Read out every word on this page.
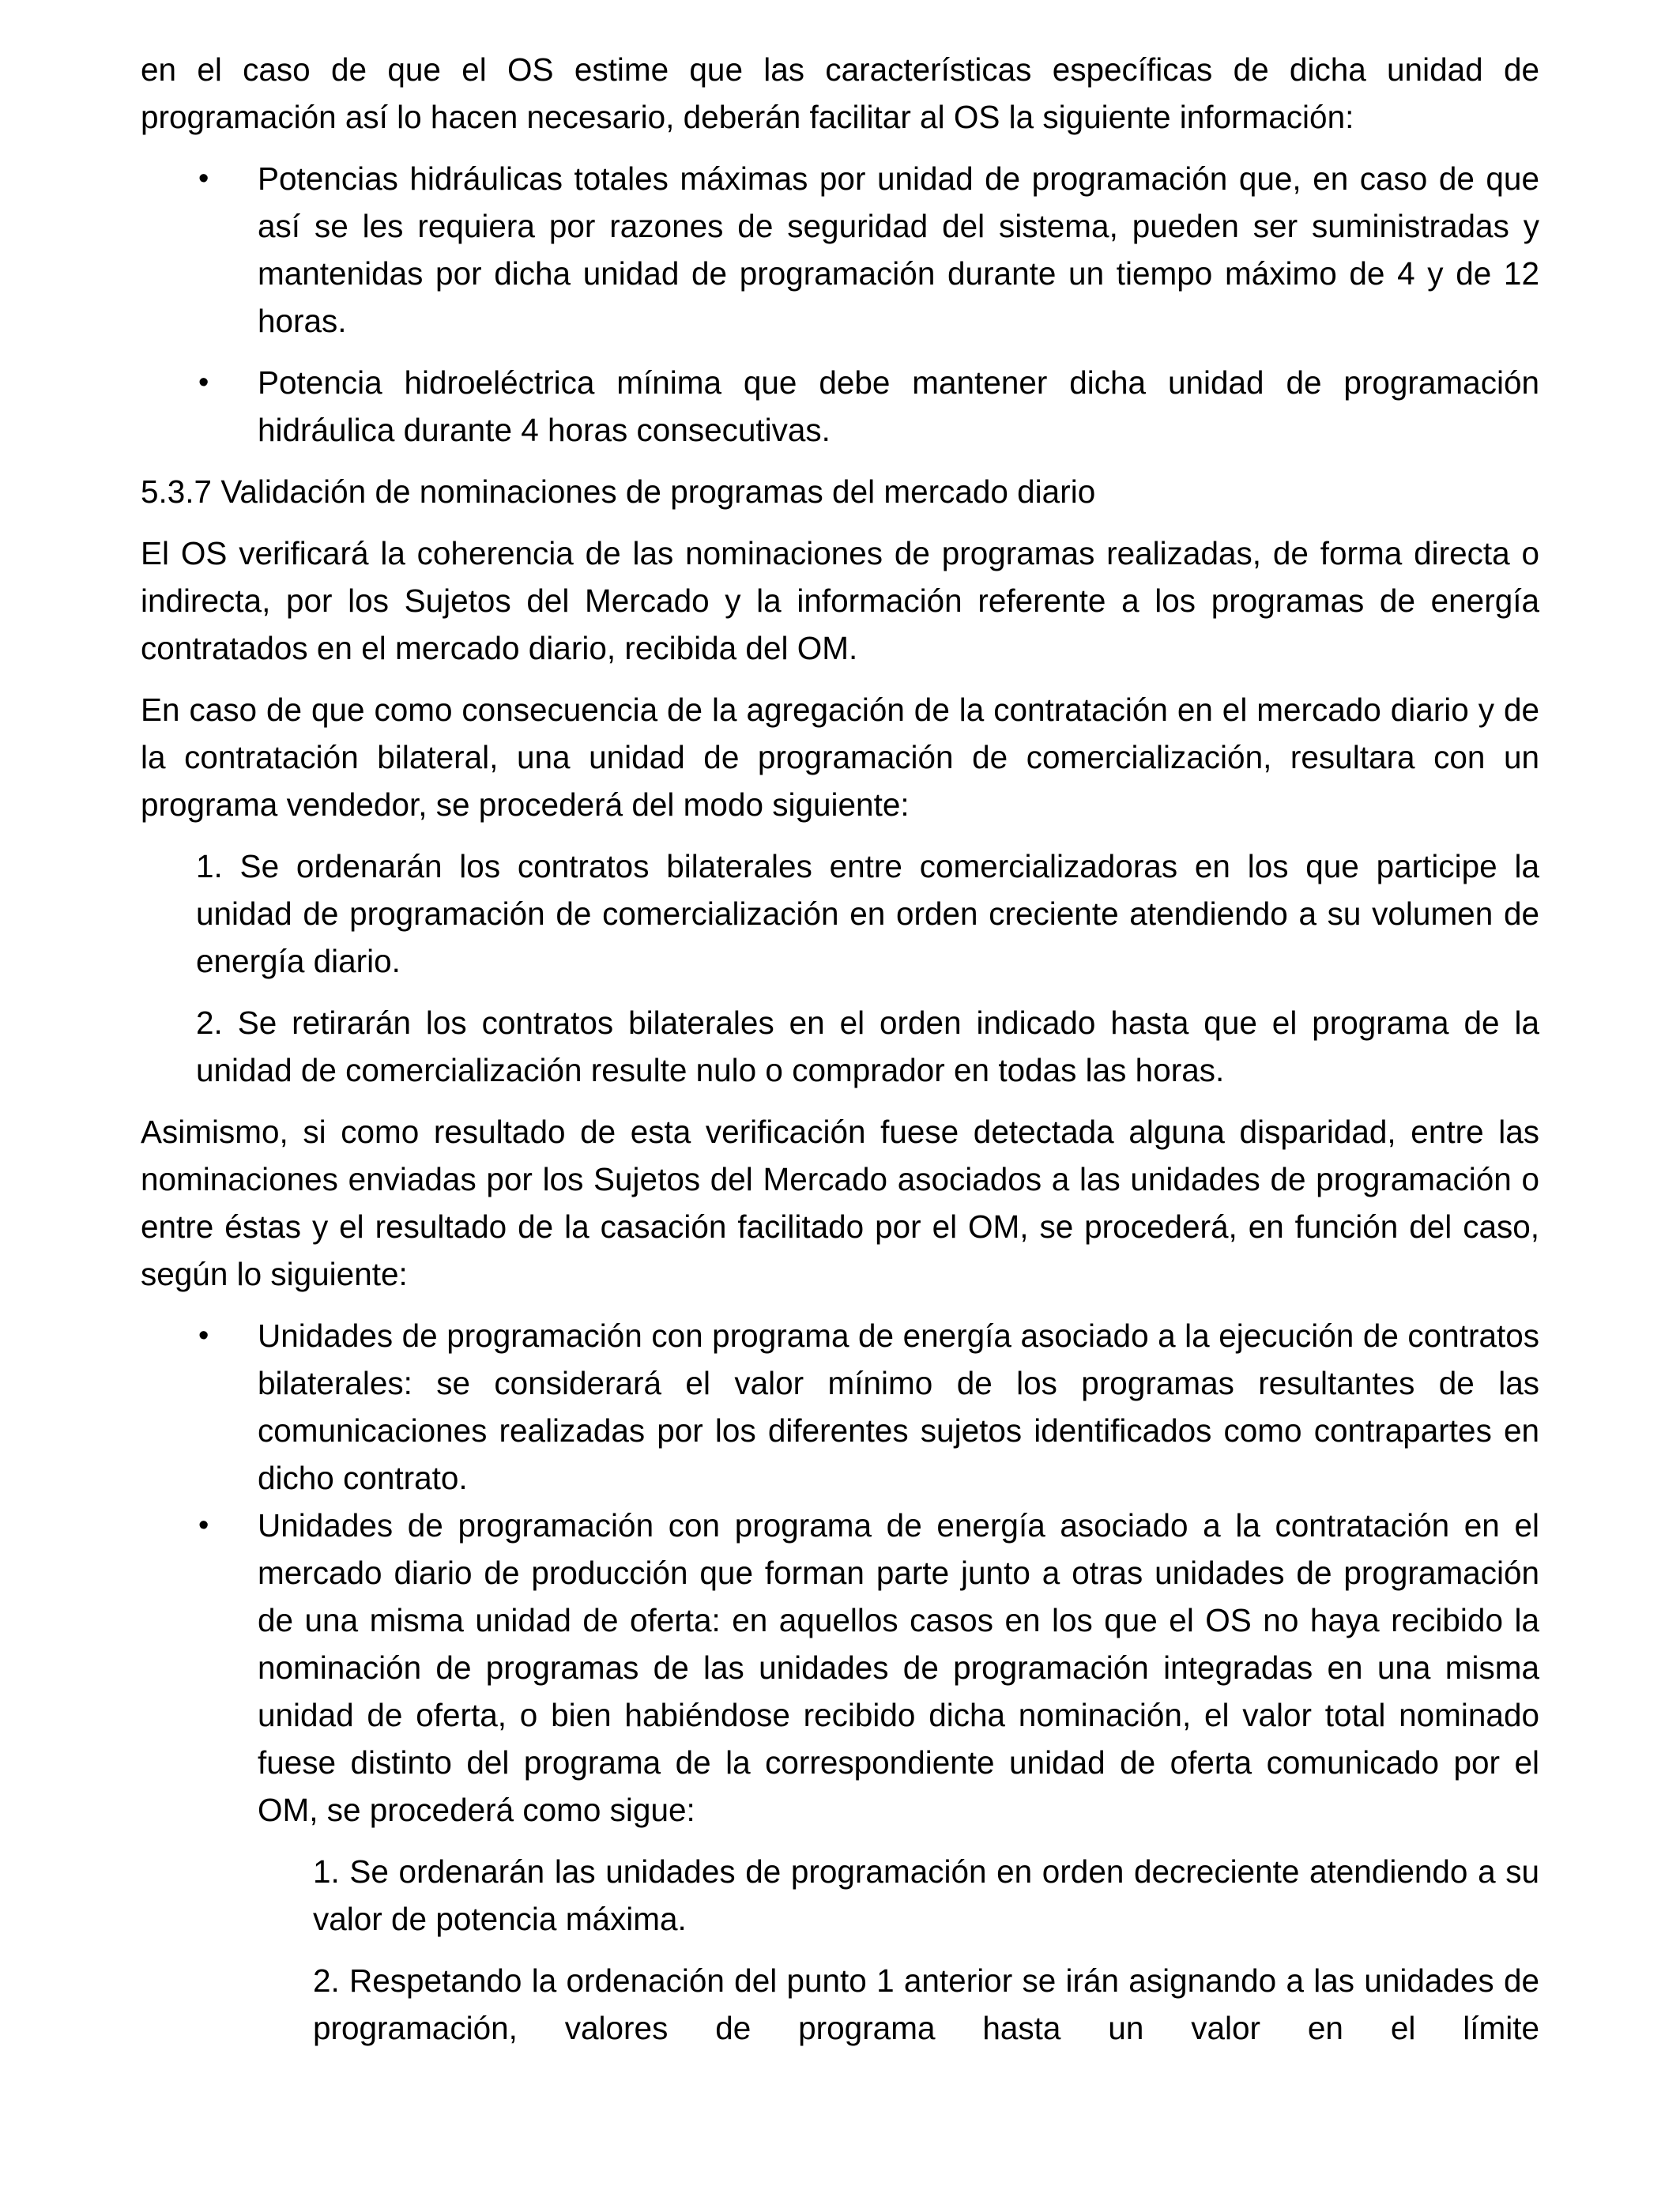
en el caso de que el OS estime que las características específicas de dicha unidad de programación así lo hacen necesario, deberán facilitar al OS la siguiente información:
•	Potencias hidráulicas totales máximas por unidad de programación que, en caso de que así se les requiera por razones de seguridad del sistema, pueden ser suministradas y mantenidas por dicha unidad de programación durante un tiempo máximo de 4 y de 12 horas.
•	Potencia hidroeléctrica mínima que debe mantener dicha unidad de programación hidráulica durante 4 horas consecutivas.
5.3.7 Validación de nominaciones de programas del mercado diario
El OS verificará la coherencia de las nominaciones de programas realizadas, de forma directa o indirecta, por los Sujetos del Mercado y la información referente a los programas de energía contratados en el mercado diario, recibida del OM.
En caso de que como consecuencia de la agregación de la contratación en el mercado diario y de la contratación bilateral, una unidad de programación de comercialización, resultara con un programa vendedor, se procederá del modo siguiente:
1. Se ordenarán los contratos bilaterales entre comercializadoras en los que participe la unidad de programación de comercialización en orden creciente atendiendo a su volumen de energía diario.
2. Se retirarán los contratos bilaterales en el orden indicado hasta que el programa de la unidad de comercialización resulte nulo o comprador en todas las horas.
Asimismo, si como resultado de esta verificación fuese detectada alguna disparidad, entre las nominaciones enviadas por los Sujetos del Mercado asociados a las unidades de programación o entre éstas y el resultado de la casación facilitado por el OM, se procederá, en función del caso, según lo siguiente:
•	Unidades de programación con programa de energía asociado a la ejecución de contratos bilaterales: se considerará el valor mínimo de los programas resultantes de las comunicaciones realizadas por los diferentes sujetos identificados como contrapartes en dicho contrato.
•	Unidades de programación con programa de energía asociado a la contratación en el mercado diario de producción que forman parte junto a otras unidades de programación de una misma unidad de oferta: en aquellos casos en los que el OS no haya recibido la nominación de programas de las unidades de programación integradas en una misma unidad de oferta, o bien habiéndose recibido dicha nominación, el valor total nominado fuese distinto del programa de la correspondiente unidad de oferta comunicado por el OM, se procederá como sigue:
1. Se ordenarán las unidades de programación en orden decreciente atendiendo a su valor de potencia máxima.
2. Respetando la ordenación del punto 1 anterior se irán asignando a las unidades de programación, valores de programa hasta un valor en el límite
